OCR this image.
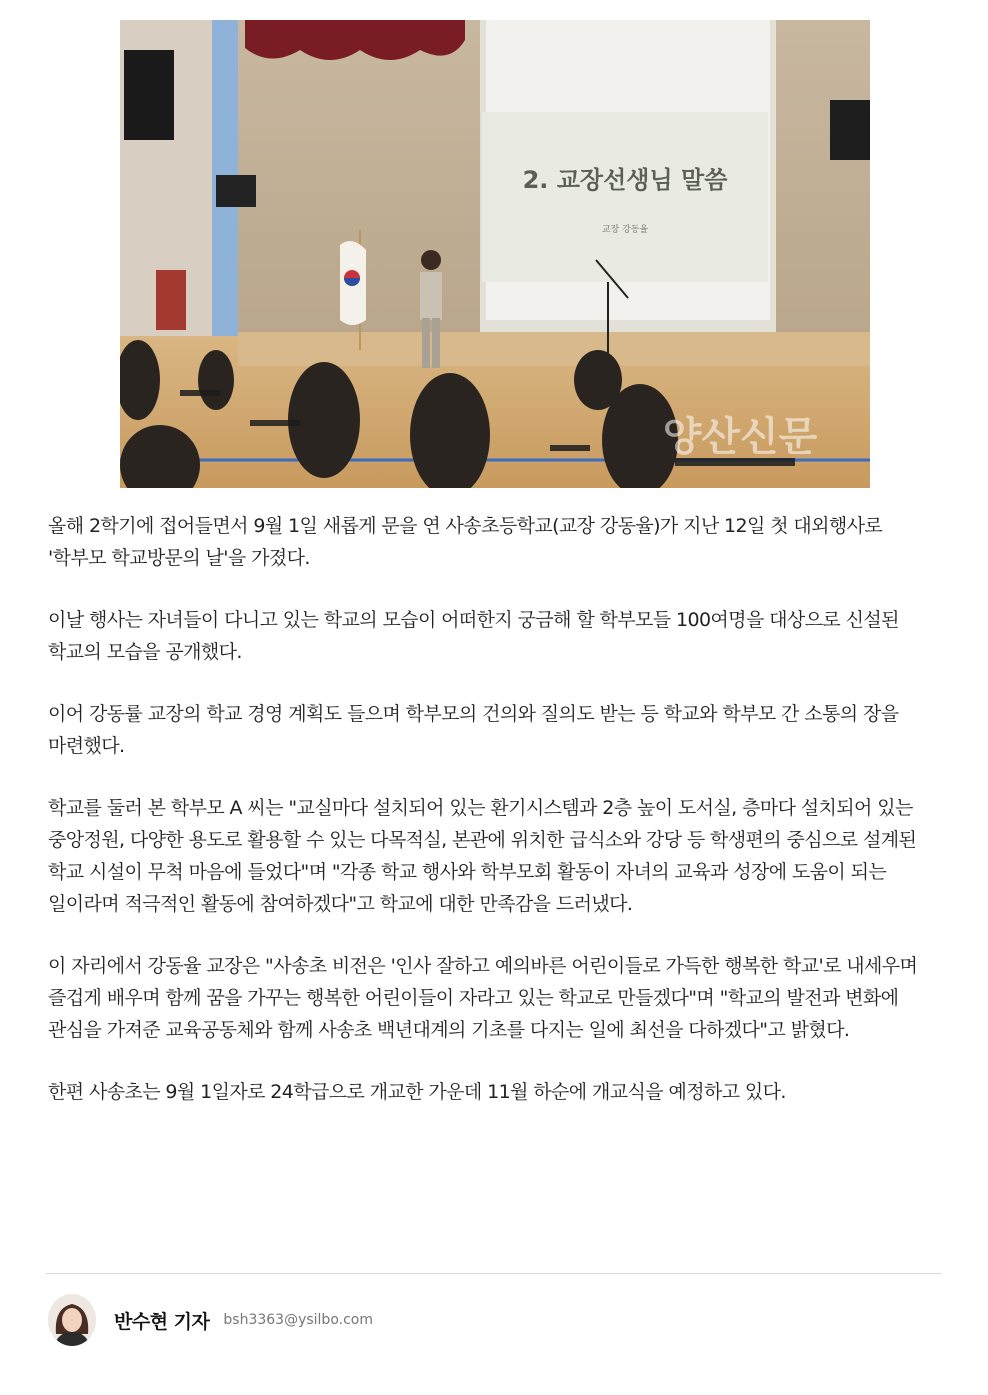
2. 교장선생님 말씀
교장 강동율
양산신문

올해 2학기에 접어들면서 9월 1일 새롭게 문을 연 사송초등학교(교장 강동율)가 지난 12일 첫 대외행사로 '학부모 학교방문의 날'을 가졌다.

이날 행사는 자녀들이 다니고 있는 학교의 모습이 어떠한지 궁금해 할 학부모들 100여명을 대상으로 신설된 학교의 모습을 공개했다.

이어 강동률 교장의 학교 경영 계획도 들으며 학부모의 건의와 질의도 받는 등 학교와 학부모 간 소통의 장을 마련했다.

학교를 둘러 본 학부모 A 씨는 "교실마다 설치되어 있는 환기시스템과 2층 높이 도서실, 층마다 설치되어 있는 중앙정원, 다양한 용도로 활용할 수 있는 다목적실, 본관에 위치한 급식소와 강당 등 학생편의 중심으로 설계된 학교 시설이 무척 마음에 들었다"며 "각종 학교 행사와 학부모회 활동이 자녀의 교육과 성장에 도움이 되는 일이라며 적극적인 활동에 참여하겠다"고 학교에 대한 만족감을 드러냈다.

이 자리에서 강동율 교장은 "사송초 비전은 '인사 잘하고 예의바른 어린이들로 가득한 행복한 학교'로 내세우며 즐겁게 배우며 함께 꿈을 가꾸는 행복한 어린이들이 자라고 있는 학교로 만들겠다"며 "학교의 발전과 변화에 관심을 가져준 교육공동체와 함께 사송초 백년대계의 기초를 다지는 일에 최선을 다하겠다"고 밝혔다.

한편 사송초는 9월 1일자로 24학급으로 개교한 가운데 11월 하순에 개교식을 예정하고 있다.

반수현 기자 bsh3363@ysilbo.com
